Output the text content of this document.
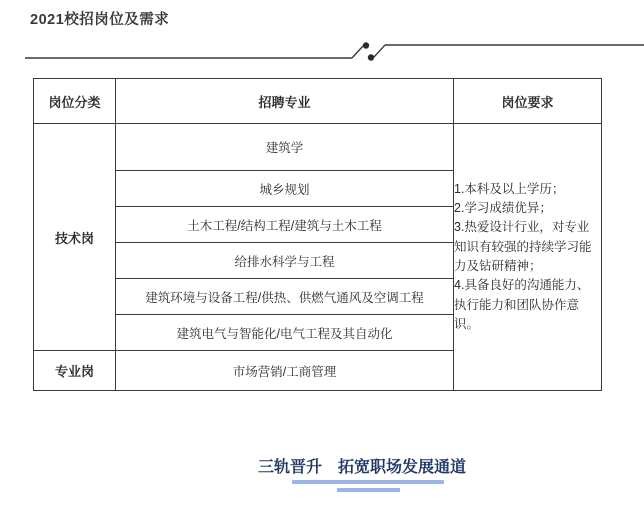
2021校招岗位及需求
岗位分类	招聘专业	岗位要求
技术岗	建筑学	1.本科及以上学历；
2.学习成绩优异；
3.热爱设计行业，对专业知识有较强的持续学习能力及钻研精神；
4.具备良好的沟通能力、执行能力和团队协作意识。

	城乡规划	
	土木工程/结构工程/建筑与土木工程	
	给排水科学与工程	
	建筑环境与设备工程/供热、供燃气通风及空调工程	
	建筑电气与智能化/电气工程及其自动化	
专业岗	市场营销/工商管理	
三轨晋升　拓宽职场发展通道
